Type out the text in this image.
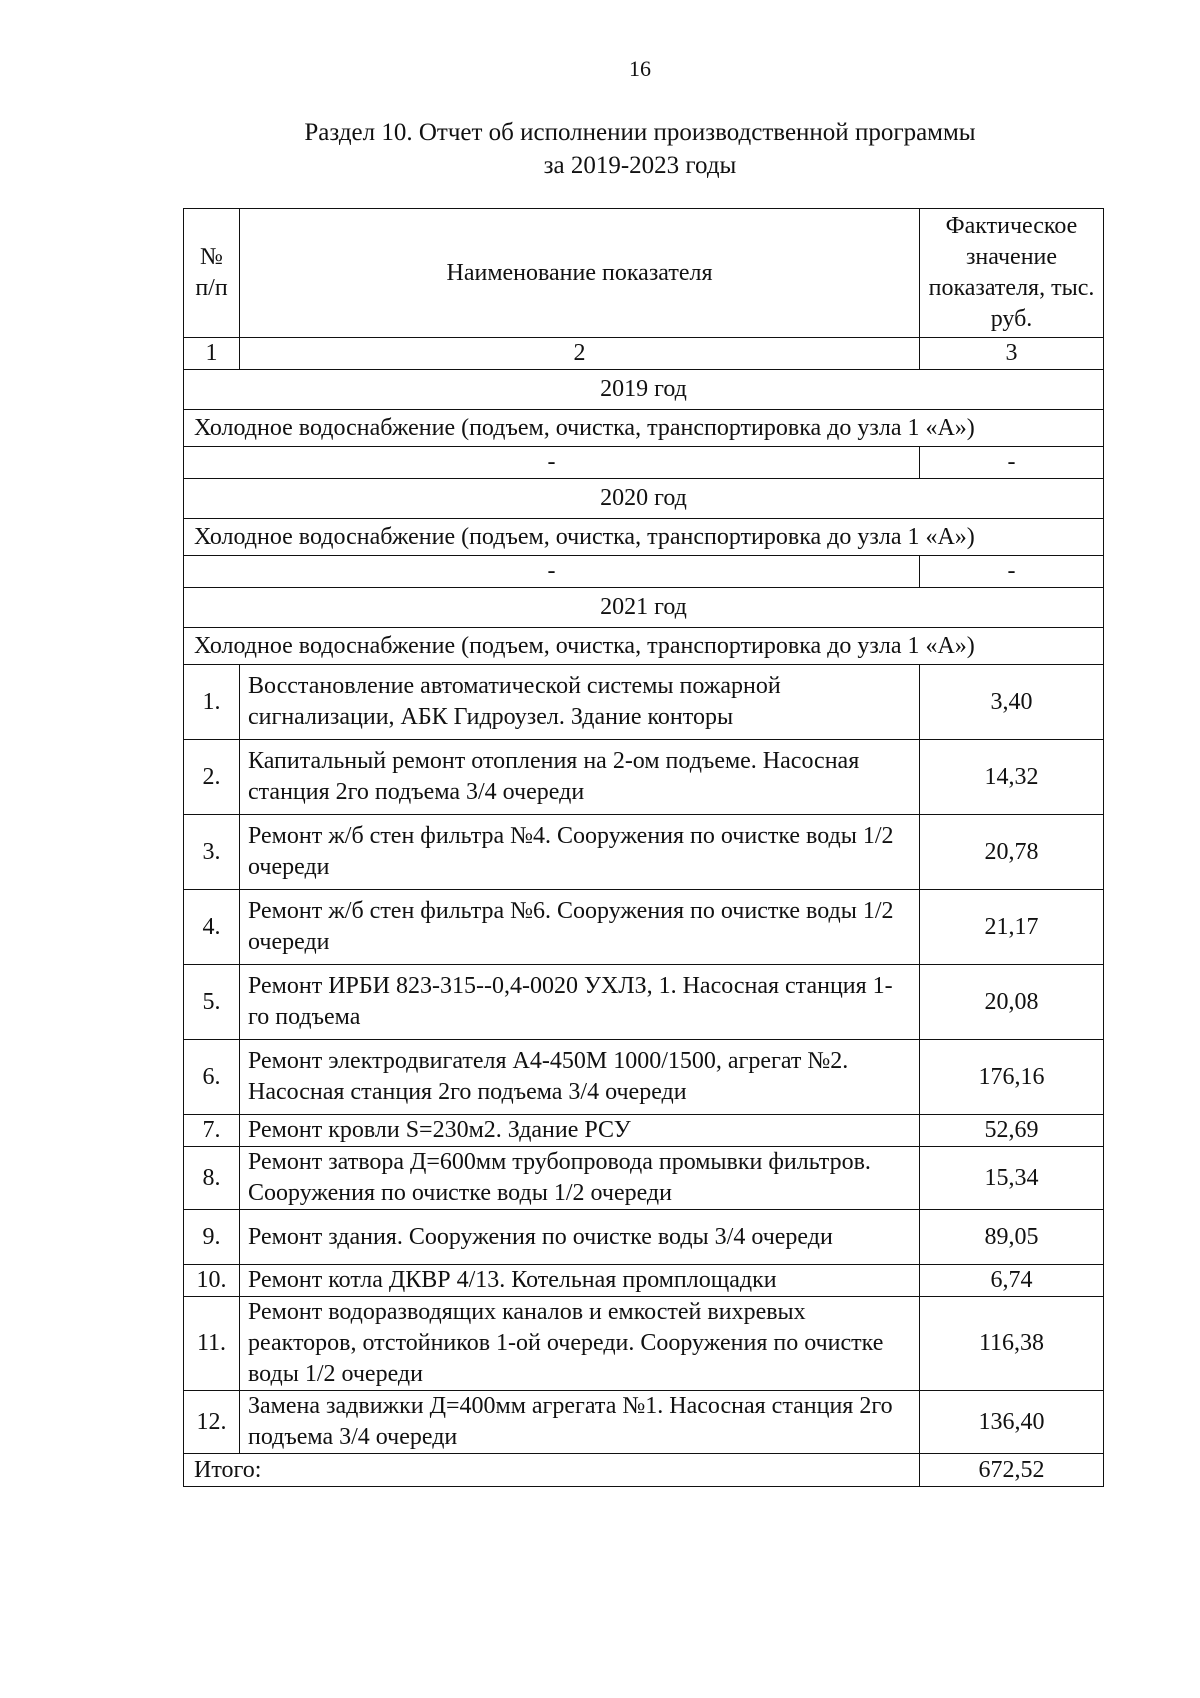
16
Раздел 10. Отчет об исполнении производственной программы
за 2019-2023 годы
№ п/п	Наименование показателя	Фактическое значение показателя, тыс. руб.
1	2	3
2019 год		
Холодное водоснабжение (подъем, очистка, транспортировка до узла 1 «А»)		
-		-
2020 год		
Холодное водоснабжение (подъем, очистка, транспортировка до узла 1 «А»)		
-		-
2021 год		
Холодное водоснабжение (подъем, очистка, транспортировка до узла 1 «А»)		
1.	Восстановление автоматической системы пожарной сигнализации, АБК Гидроузел. Здание конторы	3,40
2.	Капитальный ремонт отопления на 2-ом подъеме. Насосная станция 2го подъема 3/4 очереди	14,32
3.	Ремонт ж/б стен фильтра №4. Сооружения по очистке воды 1/2 очереди	20,78
4.	Ремонт ж/б стен фильтра №6. Сооружения по очистке воды 1/2 очереди	21,17
5.	Ремонт ИРБИ 823-315--0,4-0020 УХЛЗ, 1. Насосная станция 1-го подъема	20,08
6.	Ремонт электродвигателя А4-450М 1000/1500, агрегат №2. Насосная станция 2го подъема 3/4 очереди	176,16
7.	Ремонт кровли S=230м2. Здание РСУ	52,69
8.	Ремонт затвора Д=600мм трубопровода промывки фильтров. Сооружения по очистке воды 1/2 очереди	15,34
9.	Ремонт здания. Сооружения по очистке воды 3/4 очереди	89,05
10.	Ремонт котла ДКВР 4/13. Котельная промплощадки	6,74
11.	Ремонт водоразводящих каналов и емкостей вихревых реакторов, отстойников 1-ой очереди. Сооружения по очистке воды 1/2 очереди	116,38
12.	Замена задвижки Д=400мм агрегата №1. Насосная станция 2го подъема 3/4 очереди	136,40
Итого:		672,52
